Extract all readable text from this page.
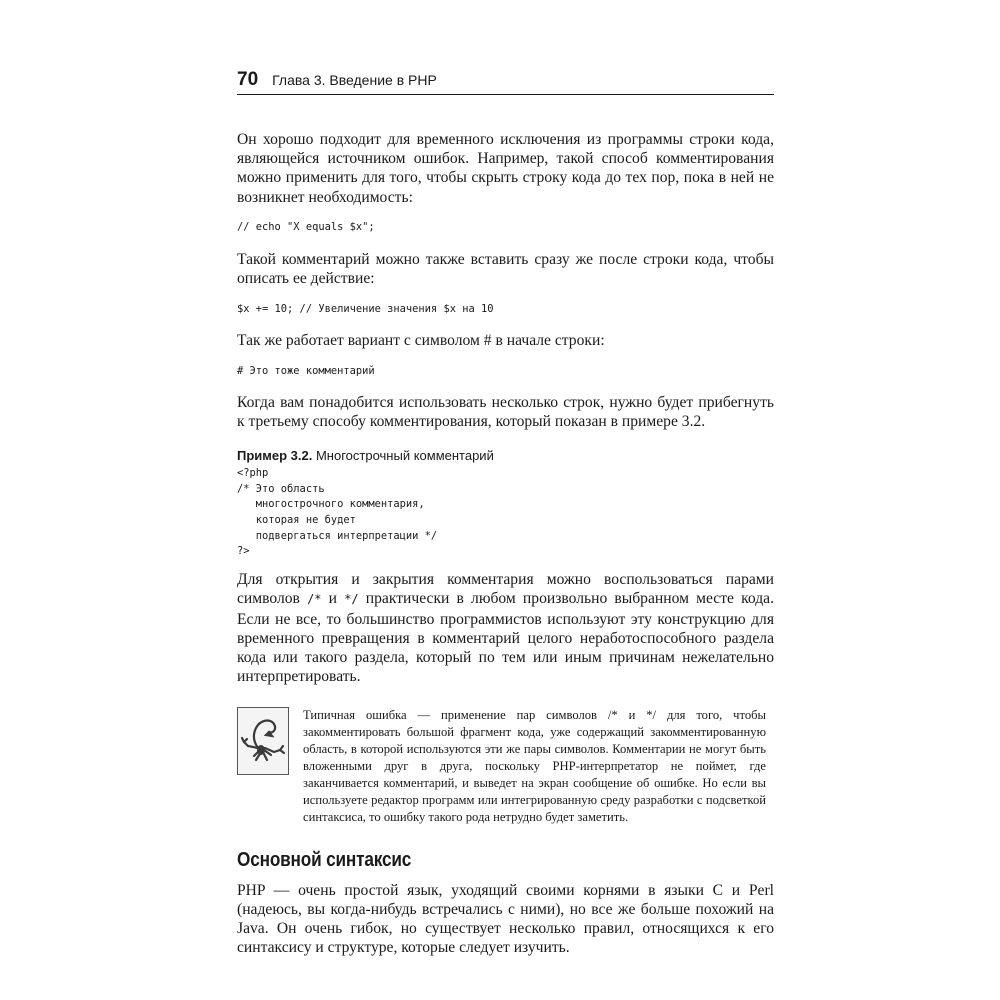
70 Глава 3. Введение в PHP

Он хорошо подходит для временного исключения из программы строки кода, являющейся источником ошибок. Например, такой способ комментирования можно применить для того, чтобы скрыть строку кода до тех пор, пока в ней не возникнет необходимость:

// echo "X equals $x";

Такой комментарий можно также вставить сразу же после строки кода, чтобы описать ее действие:

$x += 10; // Увеличение значения $x на 10

Так же работает вариант с символом # в начале строки:

# Это тоже комментарий

Когда вам понадобится использовать несколько строк, нужно будет прибегнуть к третьему способу комментирования, который показан в примере 3.2.

Пример 3.2. Многострочный комментарий

<?php
/* Это область
многострочного комментария,
которая не будет
подвергаться интерпретации */
?>

Для открытия и закрытия комментария можно воспользоваться парами символов /* и */ практически в любом произвольно выбранном месте кода. Если не все, то большинство программистов используют эту конструкцию для временного превращения в комментарий целого неработоспособного раздела кода или такого раздела, который по тем или иным причинам нежелательно интерпретировать.

Типичная ошибка — применение пар символов /* и */ для того, чтобы закомментировать большой фрагмент кода, уже содержащий закомментированную область, в которой используются эти же пары символов. Комментарии не могут быть вложенными друг в друга, поскольку PHP-интерпретатор не поймет, где заканчивается комментарий, и выведет на экран сообщение об ошибке. Но если вы используете редактор программ или интегрированную среду разработки с подсветкой синтаксиса, то ошибку такого рода нетрудно будет заметить.

Основной синтаксис

PHP — очень простой язык, уходящий своими корнями в языки C и Perl (надеюсь, вы когда-нибудь встречались с ними), но все же больше похожий на Java. Он очень гибок, но существует несколько правил, относящихся к его синтаксису и структуре, которые следует изучить.
